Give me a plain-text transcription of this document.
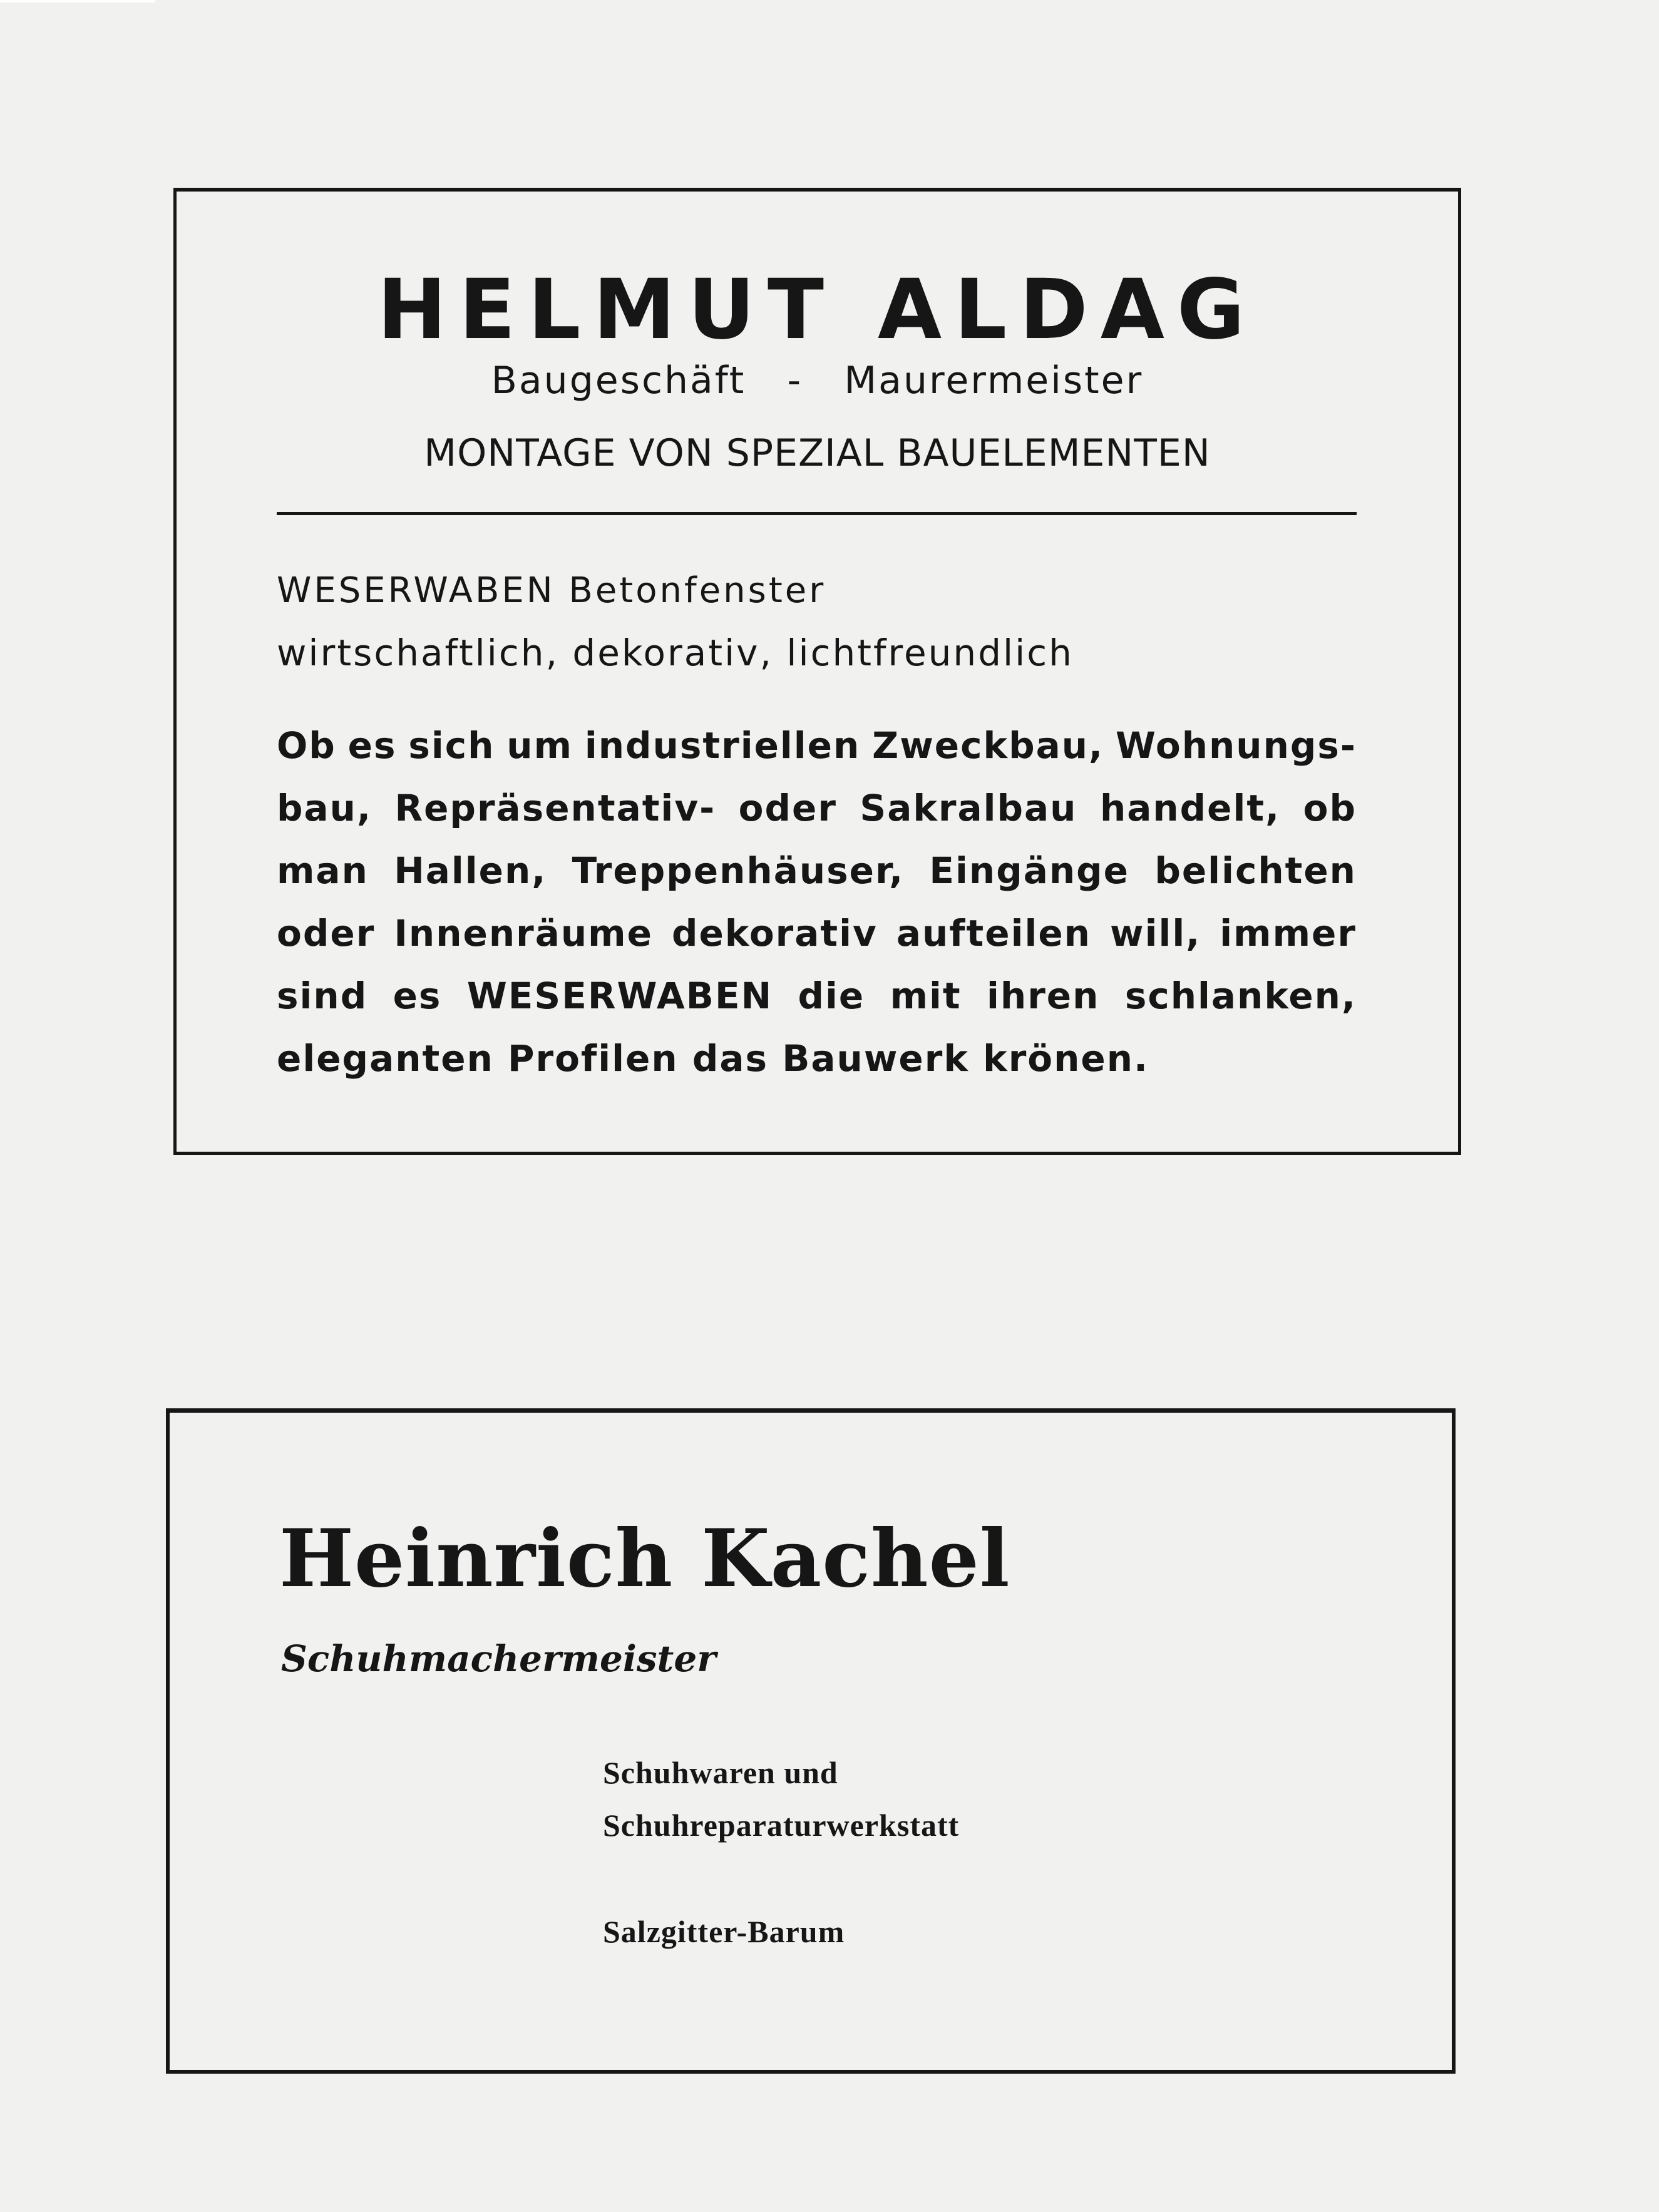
HELMUT ALDAG
Baugeschäft   -   Maurermeister
MONTAGE VON SPEZIAL BAUELEMENTEN
WESERWABEN Betonfenster
wirtschaftlich, dekorativ, lichtfreundlich
Ob es sich um industriellen Zweckbau, Wohnungs-
bau, Repräsentativ- oder Sakralbau handelt, ob
man Hallen, Treppenhäuser, Eingänge belichten
oder Innenräume dekorativ aufteilen will, immer
sind es WESERWABEN die mit ihren schlanken,
eleganten Profilen das Bauwerk krönen.
Heinrich Kachel
Schuhmachermeister
Schuhwaren und
Schuhreparaturwerkstatt
Salzgitter-Barum
